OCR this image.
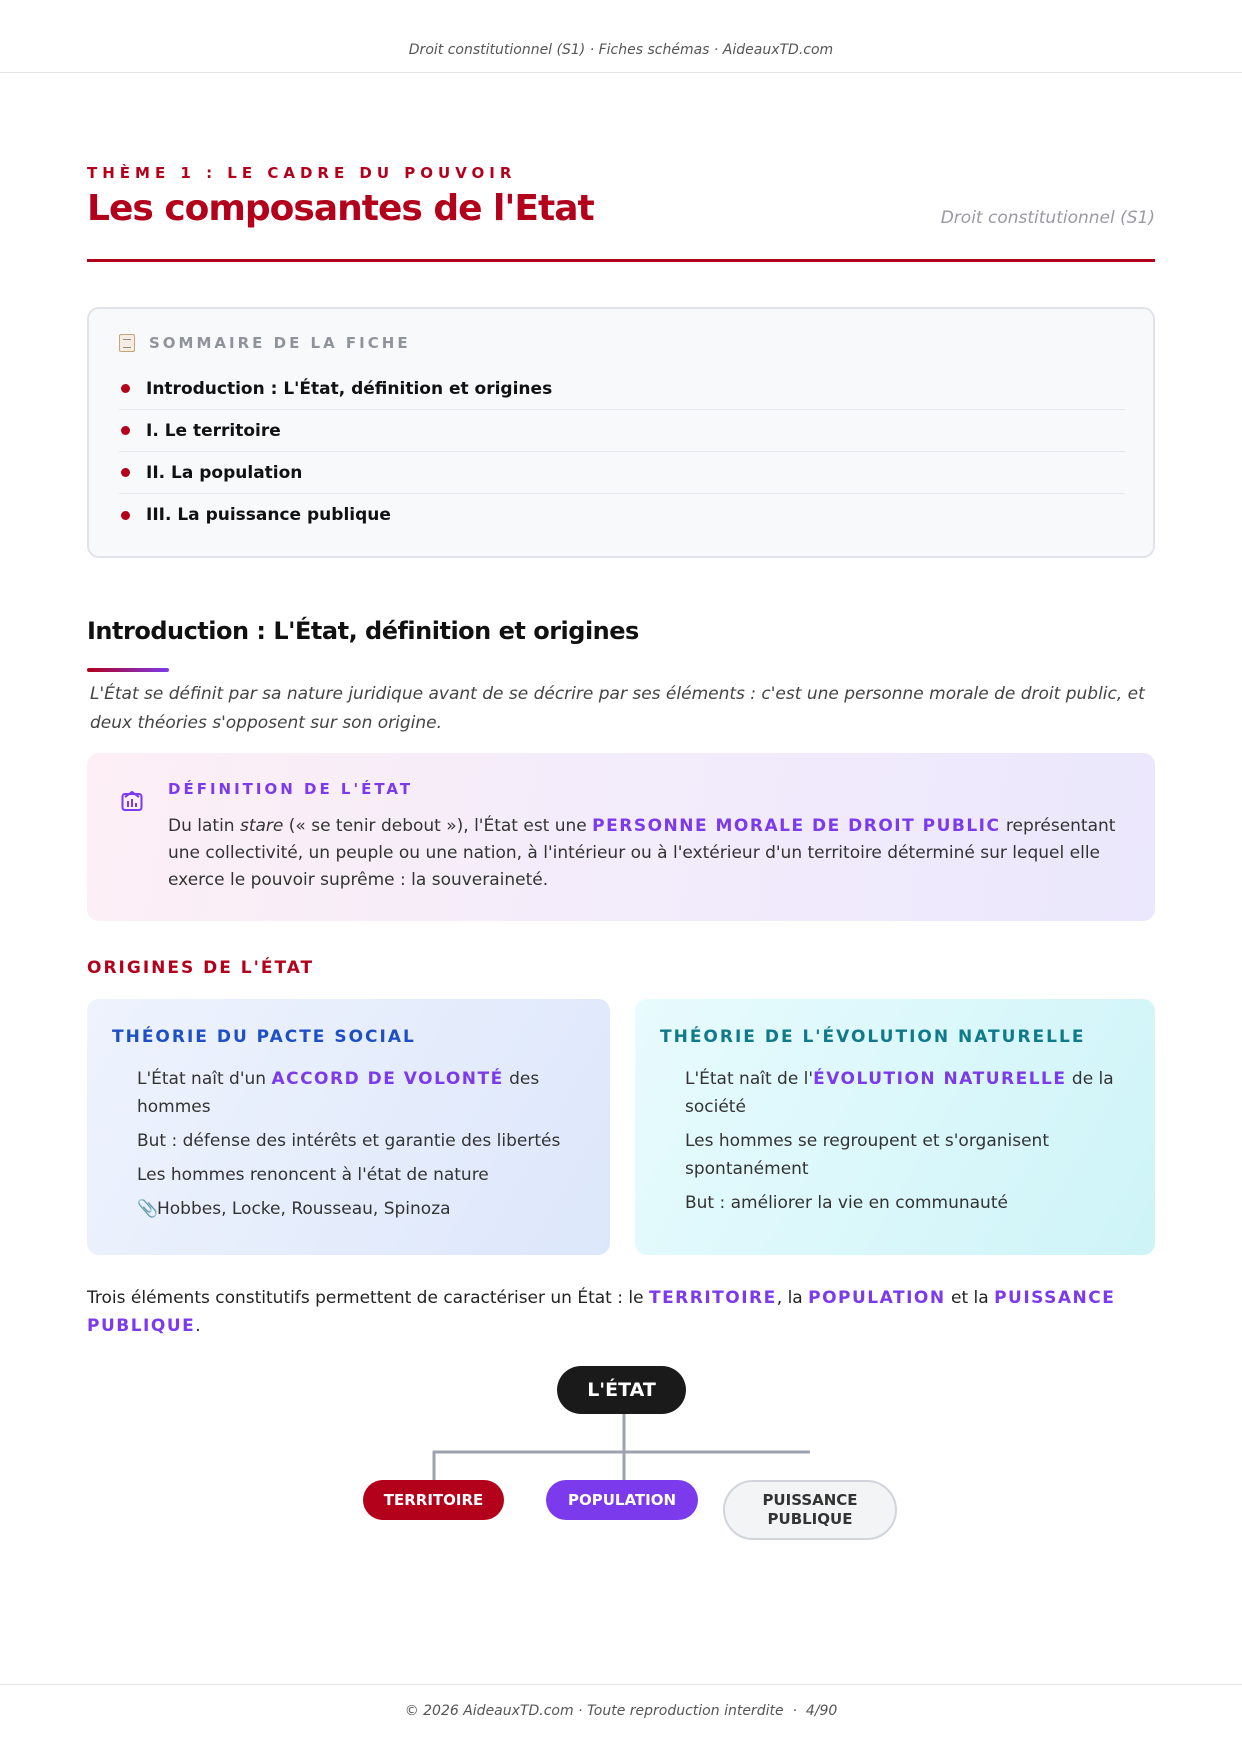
Droit constitutionnel (S1) · Fiches schémas · AideauxTD.com
THÈME 1 : LE CADRE DU POUVOIR
Les composantes de l'Etat	Droit constitutionnel (S1)
SOMMAIRE DE LA FICHE
Introduction : L'État, définition et origines
I. Le territoire
II. La population
III. La puissance publique
Introduction : L'État, définition et origines
L'État se définit par sa nature juridique avant de se décrire par ses éléments : c'est une personne morale de droit public, et deux théories s'opposent sur son origine.
DÉFINITION DE L'ÉTAT
Du latin stare (« se tenir debout »), l'État est une PERSONNE MORALE DE DROIT PUBLIC représentant une collectivité, un peuple ou une nation, à l'intérieur ou à l'extérieur d'un territoire déterminé sur lequel elle exerce le pouvoir suprême : la souveraineté.
ORIGINES DE L'ÉTAT
THÉORIE DU PACTE SOCIAL
L'État naît d'un ACCORD DE VOLONTÉ des hommes
But : défense des intérêts et garantie des libertés
Les hommes renoncent à l'état de nature
📎Hobbes, Locke, Rousseau, Spinoza
THÉORIE DE L'ÉVOLUTION NATURELLE
L'État naît de l'ÉVOLUTION NATURELLE de la société
Les hommes se regroupent et s'organisent spontanément
But : améliorer la vie en communauté
Trois éléments constitutifs permettent de caractériser un État : le TERRITOIRE, la POPULATION et la PUISSANCE PUBLIQUE.
L'ÉTAT
TERRITOIRE	POPULATION	PUISSANCE
PUBLIQUE
© 2026 AideauxTD.com · Toute reproduction interdite · 4/90
